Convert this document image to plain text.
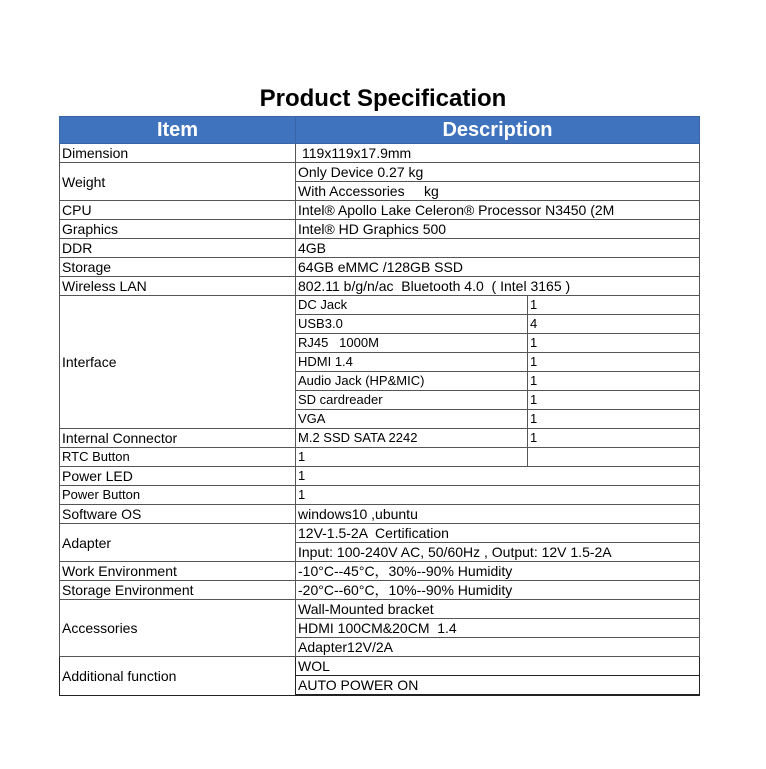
Product Specification
Item	Description	
Dimension	119x119x17.9mm	
Weight	Only Device 0.27 kg	
	With Accessories     kg	
CPU	Intel® Apollo Lake Celeron® Processor N3450 (2M	
Graphics	Intel® HD Graphics 500	
DDR	4GB	
Storage	64GB eMMC /128GB SSD	
Wireless LAN	802.11 b/g/n/ac  Bluetooth 4.0  ( Intel 3165 )	
Interface	DC Jack	1
	USB3.0	4
	RJ45   1000M	1
	HDMI 1.4	1
	Audio Jack (HP&MIC)	1
	SD cardreader	1
	VGA	1
Internal Connector	M.2 SSD SATA 2242	1
RTC Button	1	
Power LED	1	
Power Button	1	
Software OS	windows10 ,ubuntu	
Adapter	12V-1.5-2A  Certification	
	Input: 100-240V AC, 50/60Hz , Output: 12V 1.5-2A	
Work Environment	-10°C--45°C，30%--90% Humidity	
Storage Environment	-20°C--60°C，10%--90% Humidity	
Accessories	Wall-Mounted bracket	
	HDMI 100CM&20CM  1.4	
	Adapter12V/2A	
Additional function	WOL	
	AUTO POWER ON	
